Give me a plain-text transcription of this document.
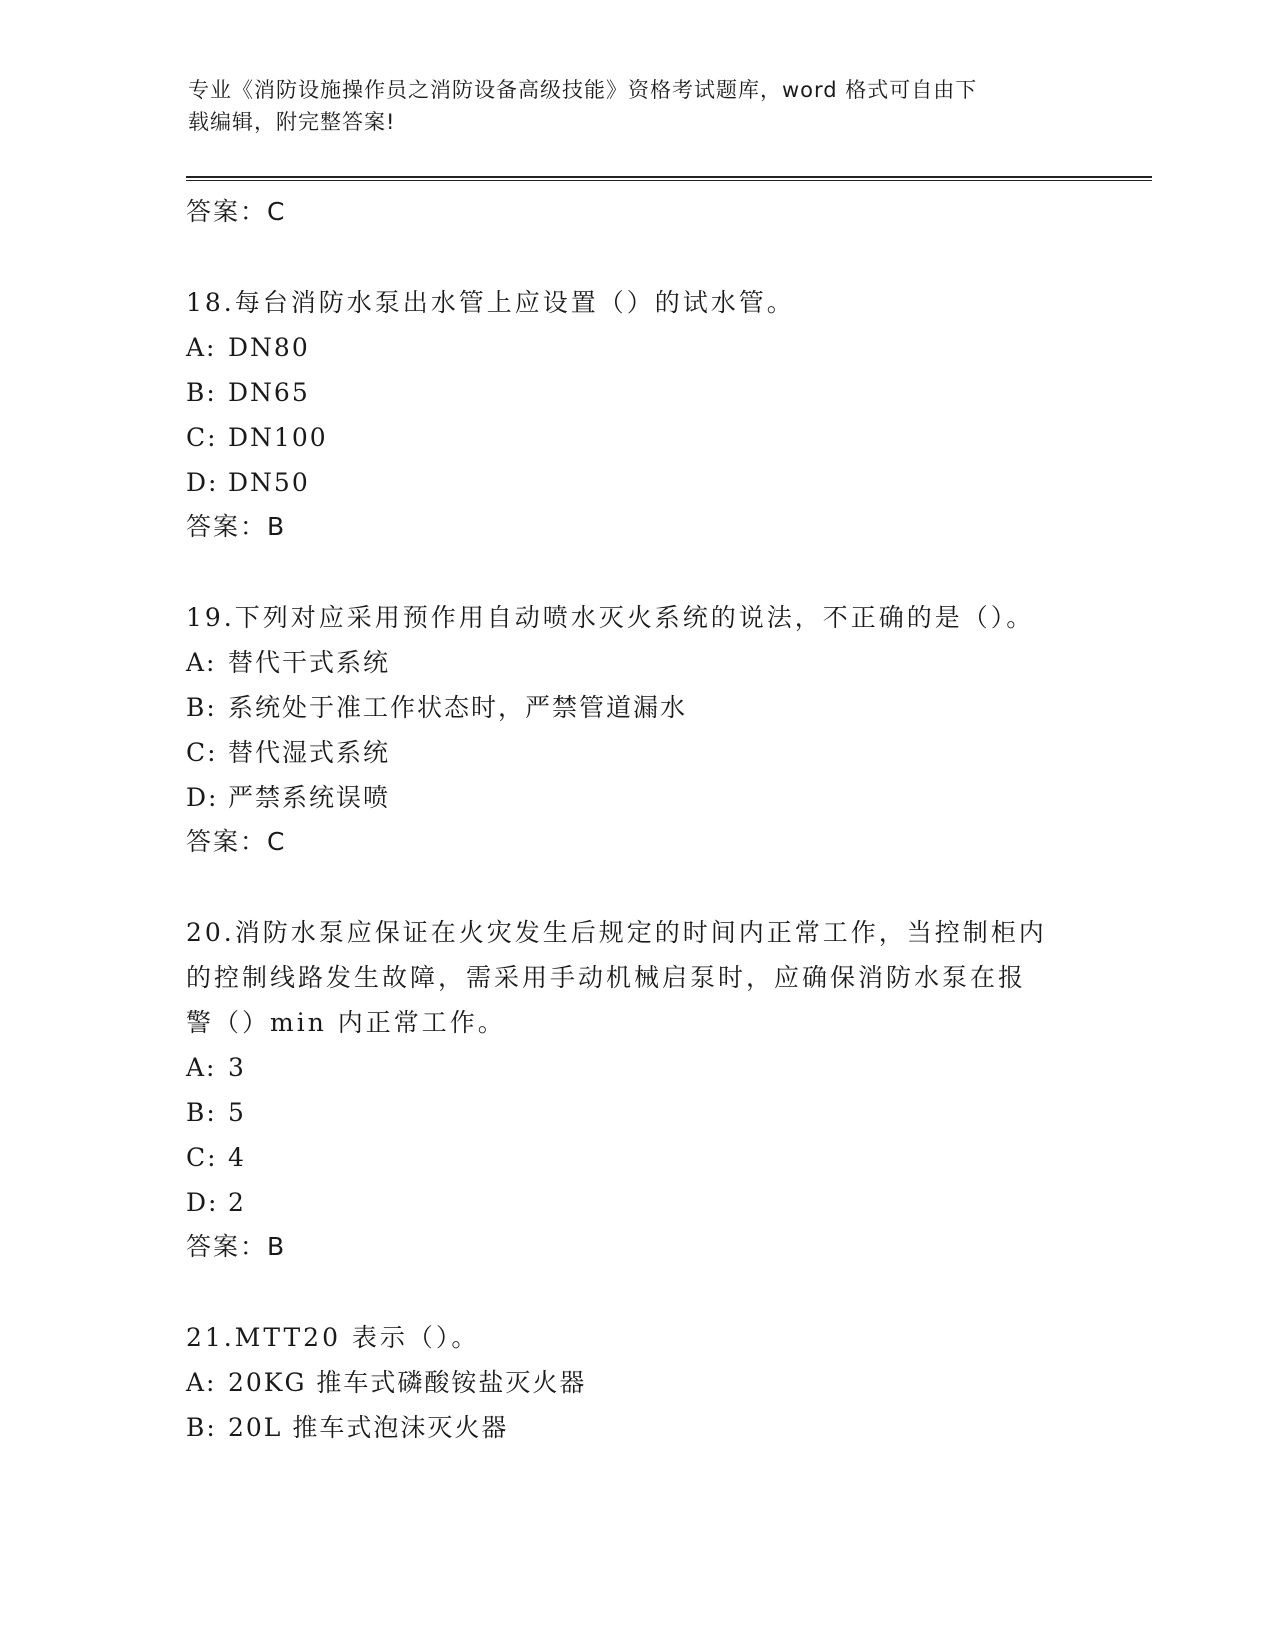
专业《消防设施操作员之消防设备高级技能》资格考试题库，word 格式可自由下
载编辑，附完整答案!

答案：C

18.每台消防水泵出水管上应设置（）的试水管。

A: DN80

B: DN65

C: DN100

D: DN50

答案：B

19.下列对应采用预作用自动喷水灭火系统的说法，不正确的是（）。

A: 替代干式系统

B: 系统处于准工作状态时，严禁管道漏水

C: 替代湿式系统

D: 严禁系统误喷

答案：C

20.消防水泵应保证在火灾发生后规定的时间内正常工作，当控制柜内

的控制线路发生故障，需采用手动机械启泵时，应确保消防水泵在报

警（）min 内正常工作。

A: 3

B: 5

C: 4

D: 2

答案：B

21.MTT20 表示（）。

A: 20KG 推车式磷酸铵盐灭火器

B: 20L 推车式泡沫灭火器
